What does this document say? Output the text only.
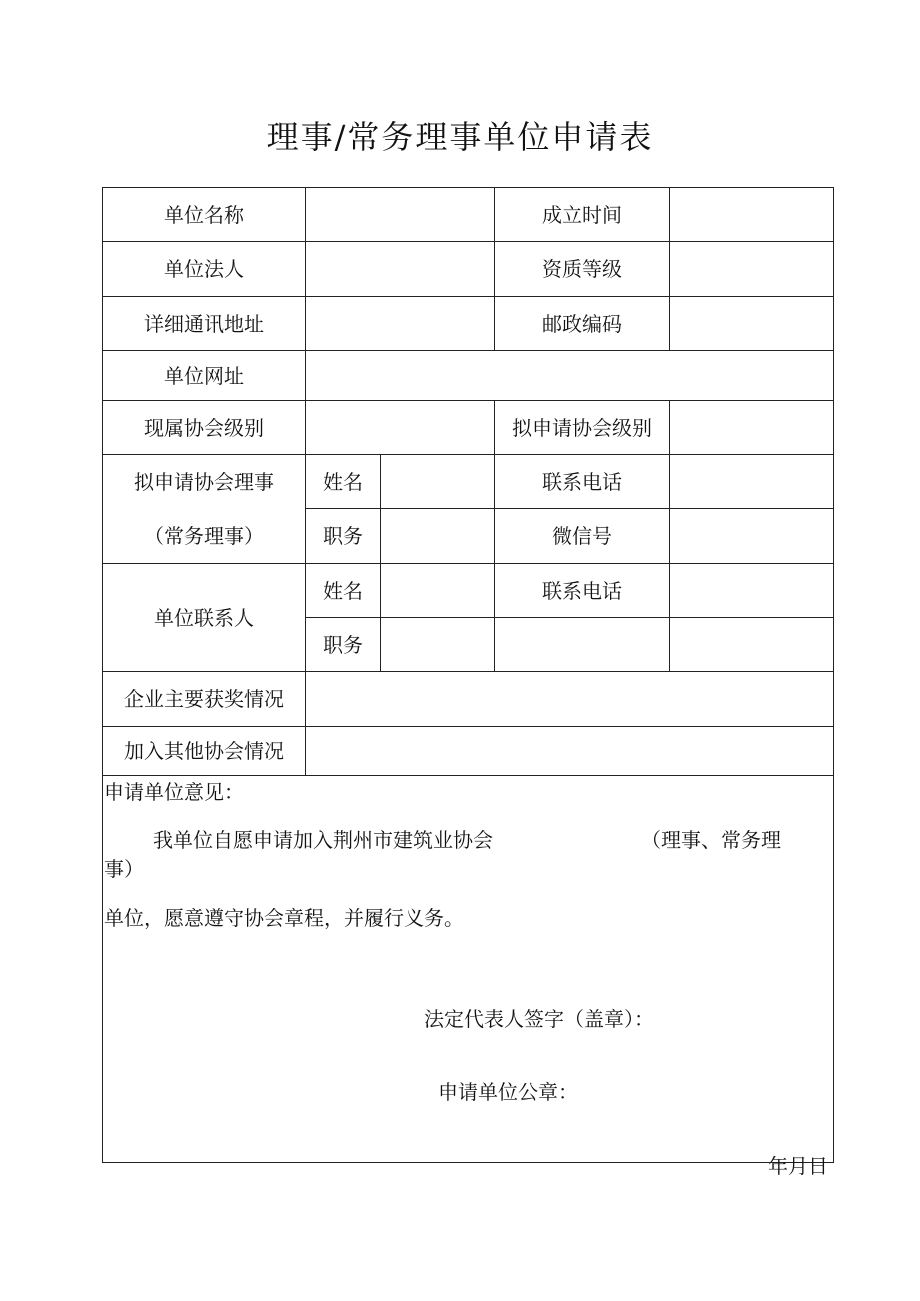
理事/常务理事单位申请表
单位名称	成立时间
单位法人	资质等级
详细通讯地址	邮政编码
单位网址
现属协会级别	拟申请协会级别
拟申请协会理事
（常务理事）
姓名	联系电话
职务	微信号
单位联系人
姓名	联系电话
职务
企业主要获奖情况
加入其他协会情况
申请单位意见：
我单位自愿申请加入荆州市建筑业协会	（理事、常务理
事）
单位，愿意遵守协会章程，并履行义务。
法定代表人签字（盖章）：
申请单位公章：
年月日
